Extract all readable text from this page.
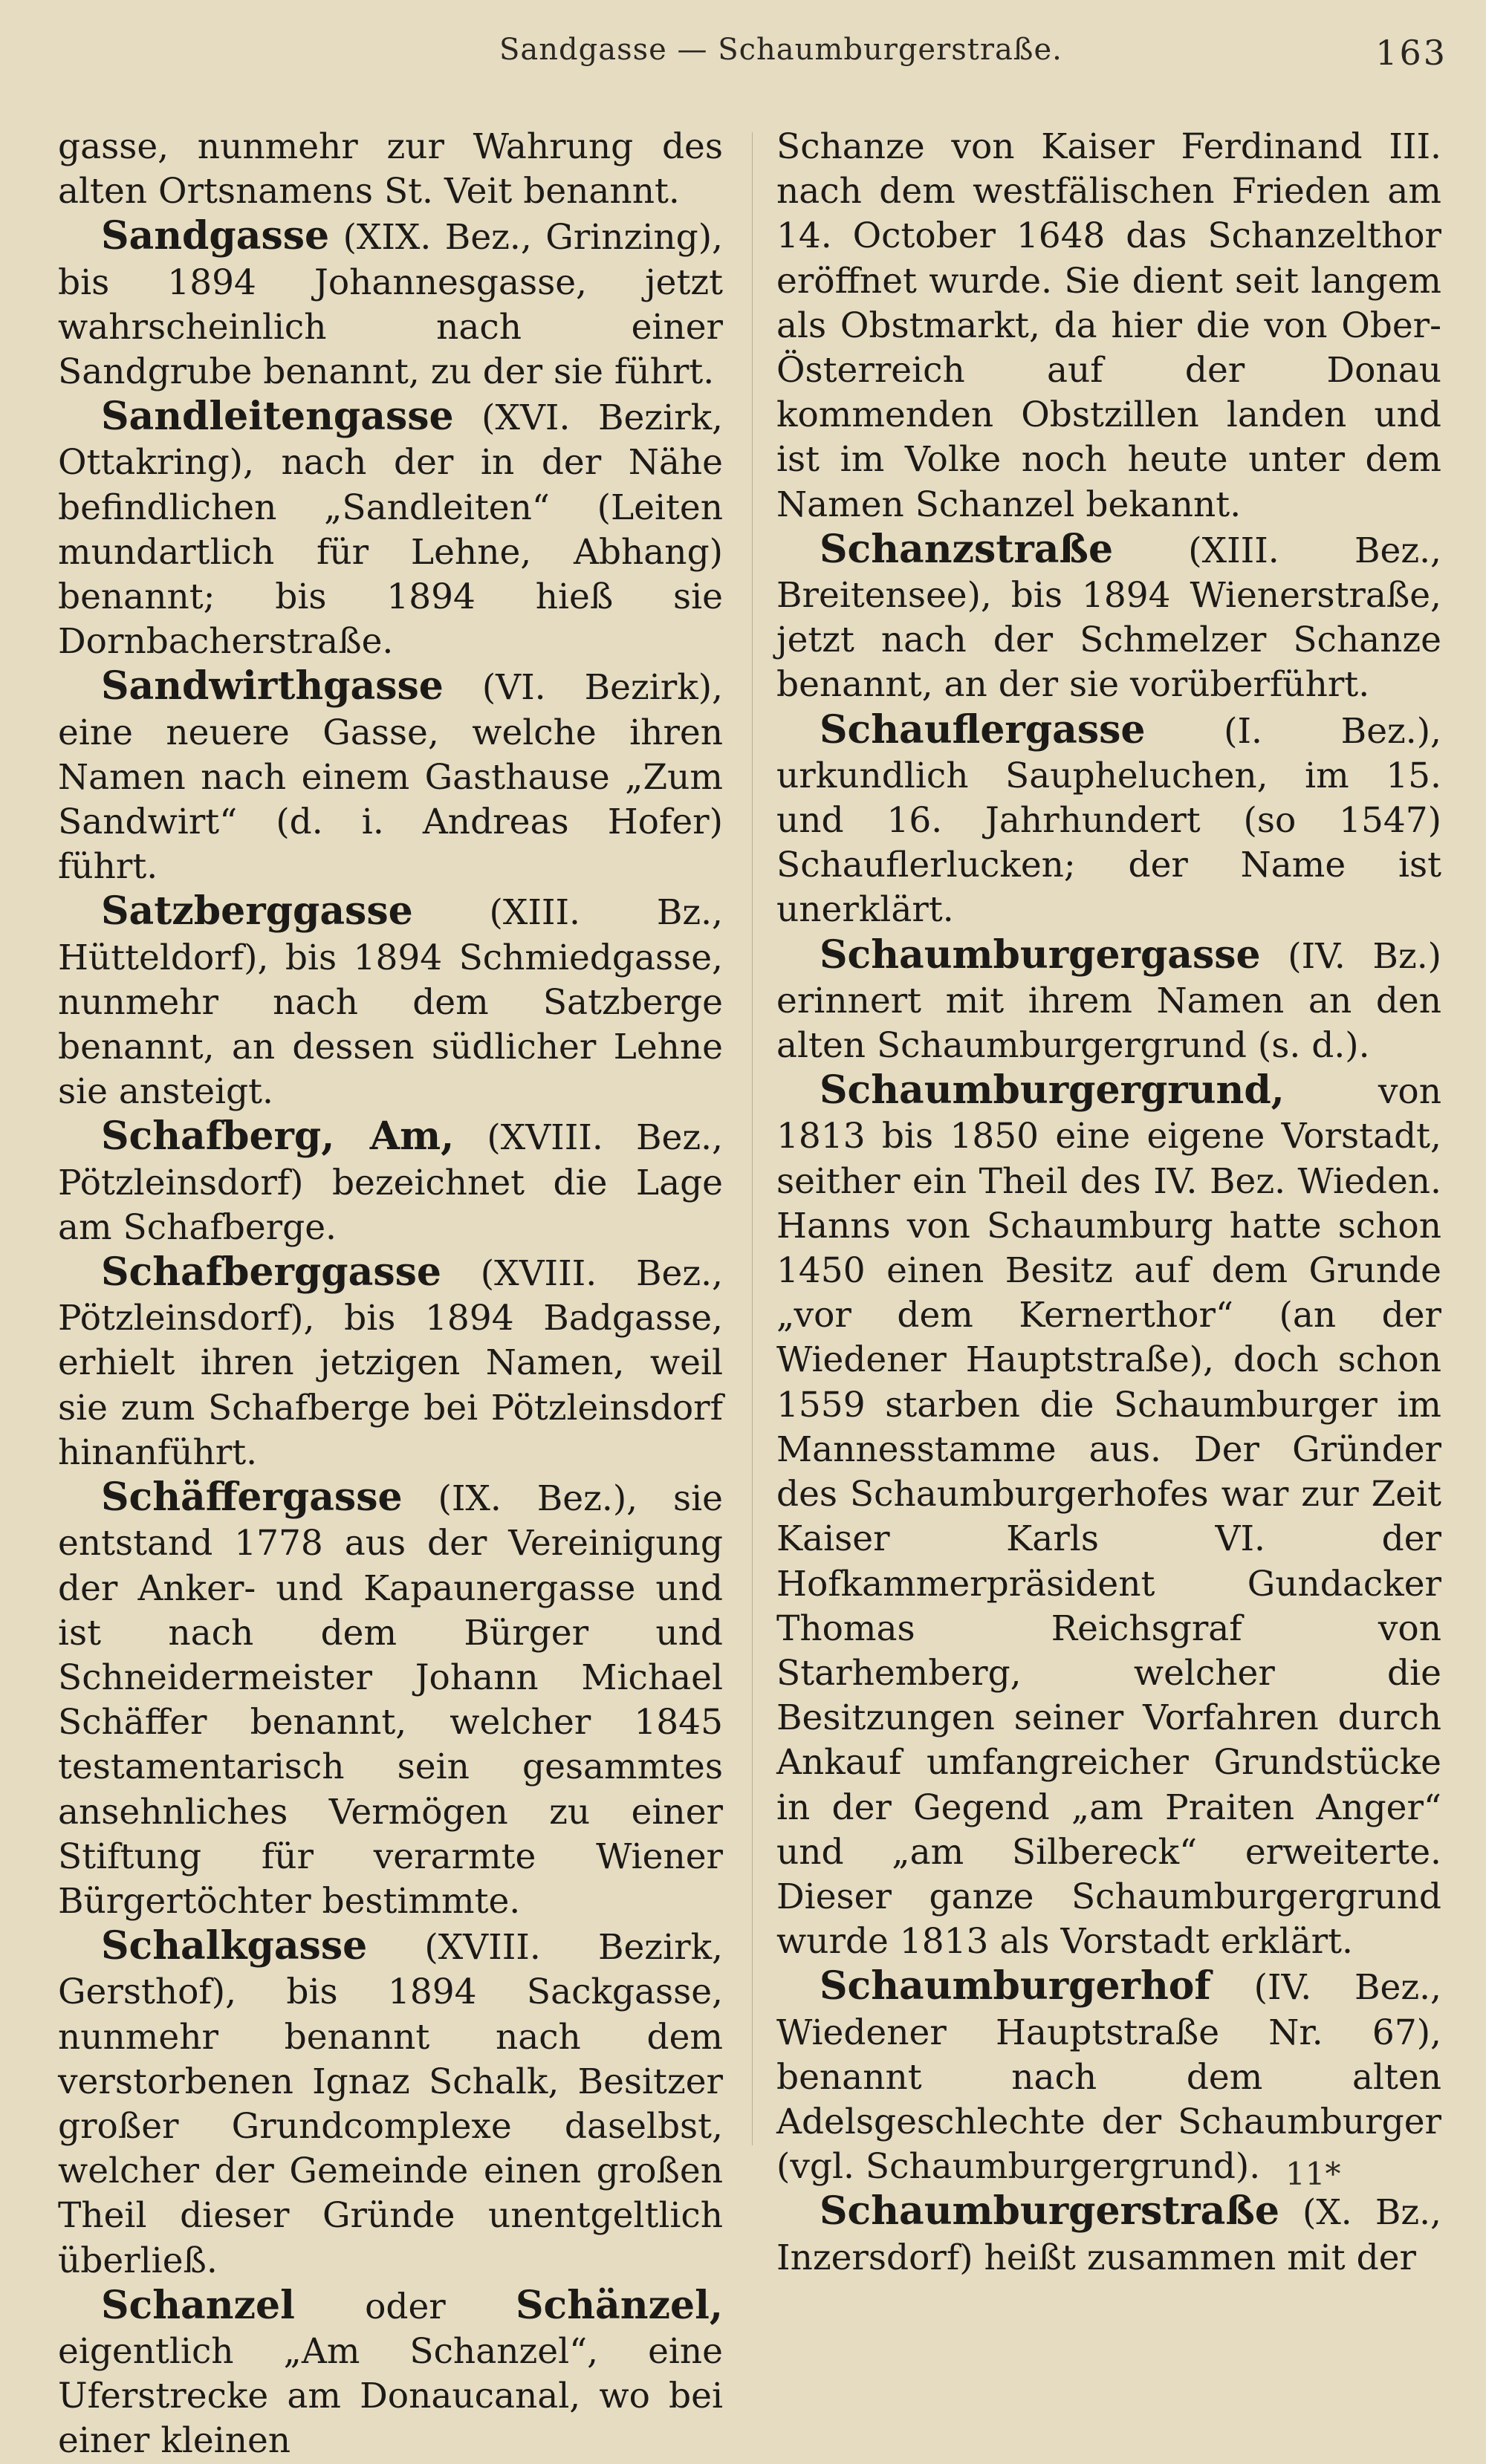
Sandgasse — Schaumburgerstraße.	163

gasse, nunmehr zur Wahrung des alten Ortsnamens St. Veit benannt.

Sandgasse (XIX. Bez., Grinzing), bis 1894 Johannesgasse, jetzt wahrscheinlich nach einer Sandgrube benannt, zu der sie führt.

Sandleitengasse (XVI. Bezirk, Ottakring), nach der in der Nähe befindlichen „Sandleiten“ (Leiten mundartlich für Lehne, Abhang) benannt; bis 1894 hieß sie Dornbacherstraße.

Sandwirthgasse (VI. Bezirk), eine neuere Gasse, welche ihren Namen nach einem Gasthause „Zum Sandwirt“ (d. i. Andreas Hofer) führt.

Satzberggasse (XIII. Bz., Hütteldorf), bis 1894 Schmiedgasse, nunmehr nach dem Satzberge benannt, an dessen südlicher Lehne sie ansteigt.

Schafberg, Am, (XVIII. Bez., Pötzleinsdorf) bezeichnet die Lage am Schafberge.

Schafberggasse (XVIII. Bez., Pötzleinsdorf), bis 1894 Badgasse, erhielt ihren jetzigen Namen, weil sie zum Schafberge bei Pötzleinsdorf hinanführt.

Schäffergasse (IX. Bez.), sie entstand 1778 aus der Vereinigung der Anker- und Kapaunergasse und ist nach dem Bürger und Schneidermeister Johann Michael Schäffer benannt, welcher 1845 testamentarisch sein gesammtes ansehnliches Vermögen zu einer Stiftung für verarmte Wiener Bürgertöchter bestimmte.

Schalkgasse (XVIII. Bezirk, Gersthof), bis 1894 Sackgasse, nunmehr benannt nach dem verstorbenen Ignaz Schalk, Besitzer großer Grundcomplexe daselbst, welcher der Gemeinde einen großen Theil dieser Gründe unentgeltlich überließ.

Schanzel oder Schänzel, eigentlich „Am Schanzel“, eine Uferstrecke am Donaucanal, wo bei einer kleinen

Schanze von Kaiser Ferdinand III. nach dem westfälischen Frieden am 14. October 1648 das Schanzelthor eröffnet wurde. Sie dient seit langem als Obstmarkt, da hier die von Ober-Österreich auf der Donau kommenden Obstzillen landen und ist im Volke noch heute unter dem Namen Schanzel bekannt.

Schanzstraße (XIII. Bez., Breitensee), bis 1894 Wienerstraße, jetzt nach der Schmelzer Schanze benannt, an der sie vorüberführt.

Schauflergasse (I. Bez.), urkundlich Saupheluchen, im 15. und 16. Jahrhundert (so 1547) Schauflerlucken; der Name ist unerklärt.

Schaumburgergasse (IV. Bz.) erinnert mit ihrem Namen an den alten Schaumburgergrund (s. d.).

Schaumburgergrund, von 1813 bis 1850 eine eigene Vorstadt, seither ein Theil des IV. Bez. Wieden. Hanns von Schaumburg hatte schon 1450 einen Besitz auf dem Grunde „vor dem Kernerthor“ (an der Wiedener Hauptstraße), doch schon 1559 starben die Schaumburger im Mannesstamme aus. Der Gründer des Schaumburgerhofes war zur Zeit Kaiser Karls VI. der Hofkammerpräsident Gundacker Thomas Reichsgraf von Starhemberg, welcher die Besitzungen seiner Vorfahren durch Ankauf umfangreicher Grundstücke in der Gegend „am Praiten Anger“ und „am Silbereck“ erweiterte. Dieser ganze Schaumburgergrund wurde 1813 als Vorstadt erklärt.

Schaumburgerhof (IV. Bez., Wiedener Hauptstraße Nr. 67), benannt nach dem alten Adelsgeschlechte der Schaumburger (vgl. Schaumburgergrund).

Schaumburgerstraße (X. Bz., Inzersdorf) heißt zusammen mit der

11*
